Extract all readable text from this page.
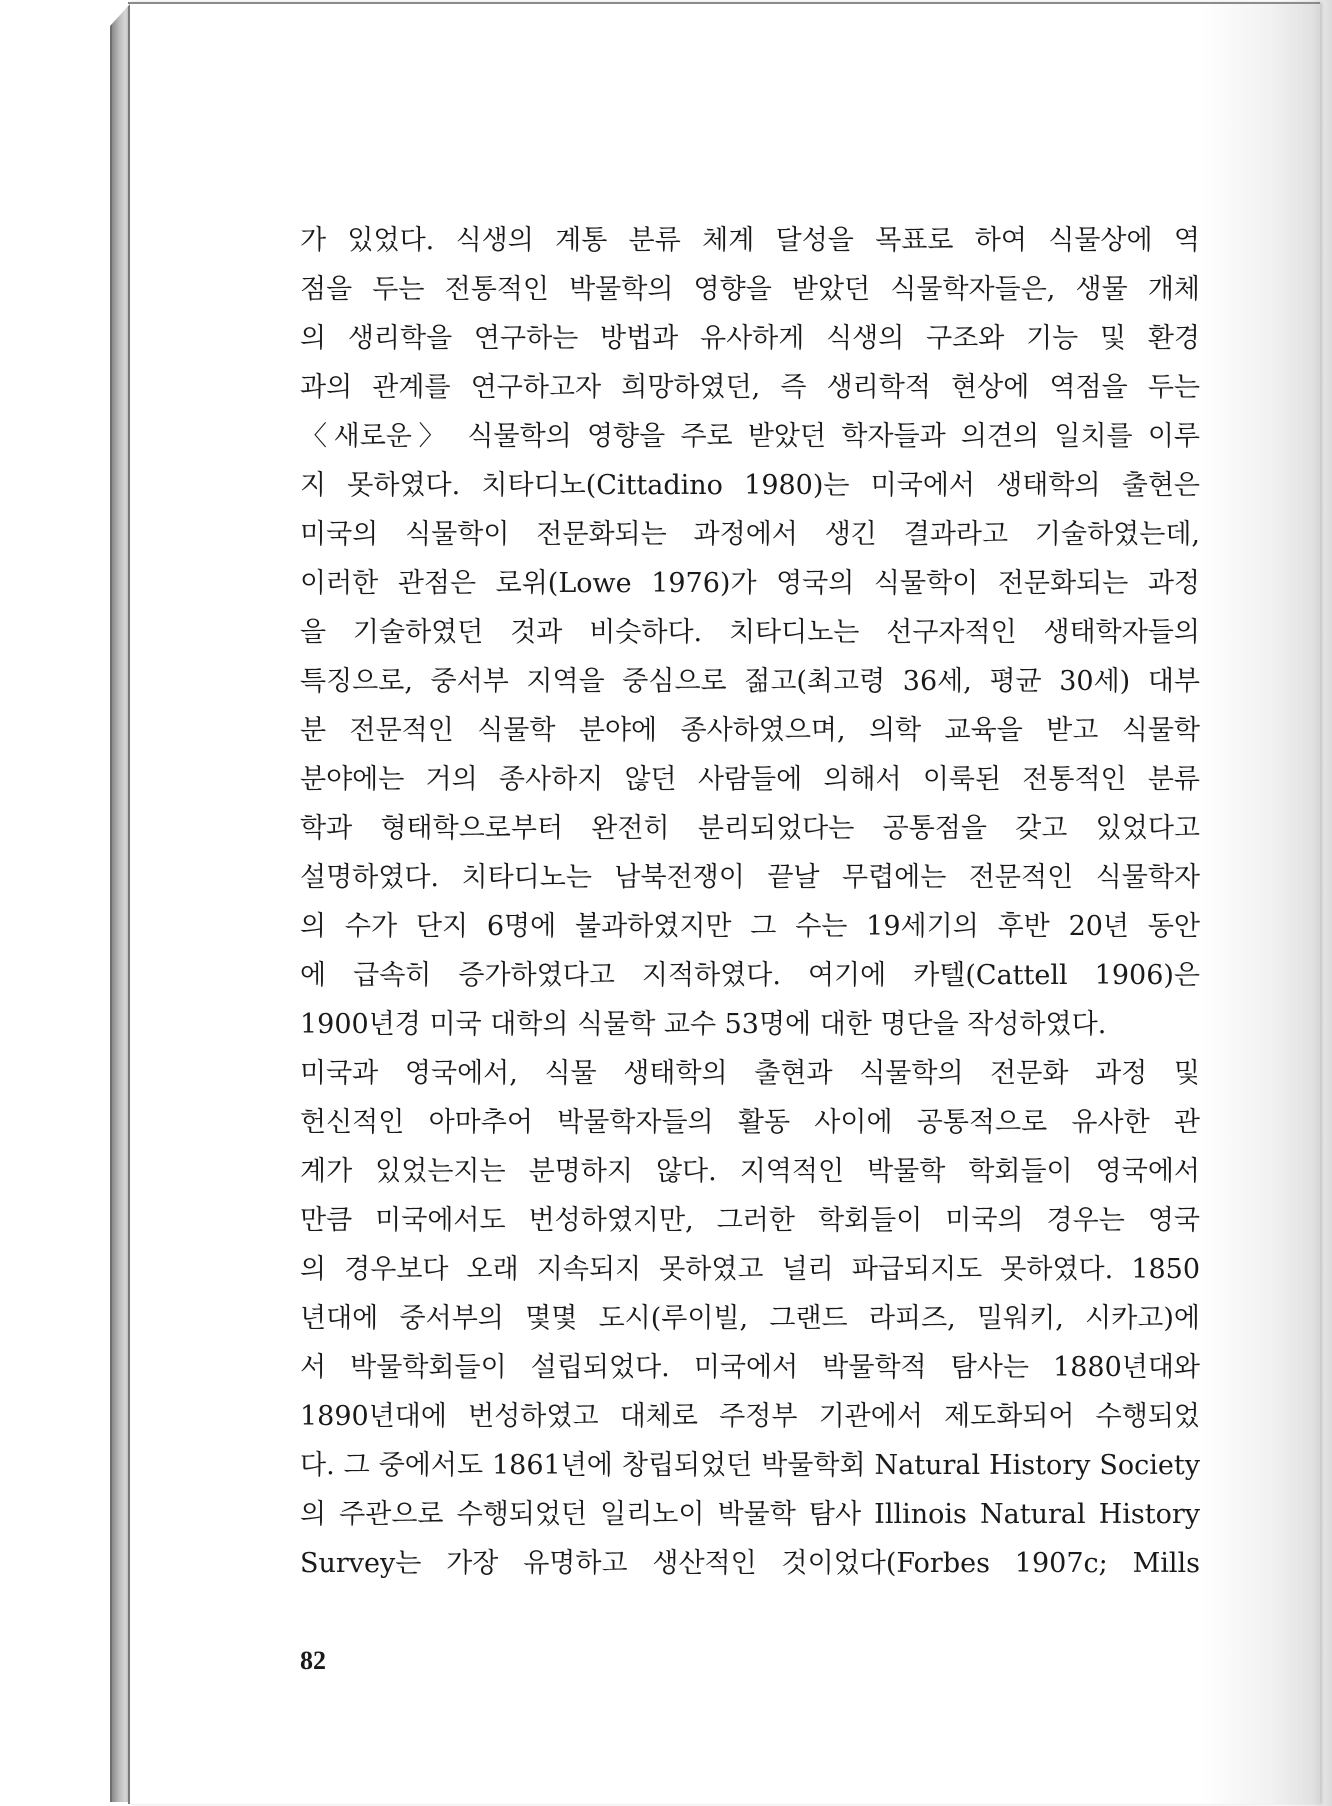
가 있었다. 식생의 계통 분류 체계 달성을 목표로 하여 식물상에 역
점을 두는 전통적인 박물학의 영향을 받았던 식물학자들은, 생물 개체
의 생리학을 연구하는 방법과 유사하게 식생의 구조와 기능 및 환경
과의 관계를 연구하고자 희망하였던, 즉 생리학적 현상에 역점을 두는
〈새로운〉 식물학의 영향을 주로 받았던 학자들과 의견의 일치를 이루
지 못하였다. 치타디노(Cittadino 1980)는 미국에서 생태학의 출현은
미국의 식물학이 전문화되는 과정에서 생긴 결과라고 기술하였는데,
이러한 관점은 로위(Lowe 1976)가 영국의 식물학이 전문화되는 과정
을 기술하였던 것과 비슷하다. 치타디노는 선구자적인 생태학자들의
특징으로, 중서부 지역을 중심으로 젊고(최고령 36세, 평균 30세) 대부
분 전문적인 식물학 분야에 종사하였으며, 의학 교육을 받고 식물학
분야에는 거의 종사하지 않던 사람들에 의해서 이룩된 전통적인 분류
학과 형태학으로부터 완전히 분리되었다는 공통점을 갖고 있었다고
설명하였다. 치타디노는 남북전쟁이 끝날 무렵에는 전문적인 식물학자
의 수가 단지 6명에 불과하였지만 그 수는 19세기의 후반 20년 동안
에 급속히 증가하였다고 지적하였다. 여기에 카텔(Cattell 1906)은
1900년경 미국 대학의 식물학 교수 53명에 대한 명단을 작성하였다.
미국과 영국에서, 식물 생태학의 출현과 식물학의 전문화 과정 및
헌신적인 아마추어 박물학자들의 활동 사이에 공통적으로 유사한 관
계가 있었는지는 분명하지 않다. 지역적인 박물학 학회들이 영국에서
만큼 미국에서도 번성하였지만, 그러한 학회들이 미국의 경우는 영국
의 경우보다 오래 지속되지 못하였고 널리 파급되지도 못하였다. 1850
년대에 중서부의 몇몇 도시(루이빌, 그랜드 라피즈, 밀워키, 시카고)에
서 박물학회들이 설립되었다. 미국에서 박물학적 탐사는 1880년대와
1890년대에 번성하였고 대체로 주정부 기관에서 제도화되어 수행되었
다. 그 중에서도 1861년에 창립되었던 박물학회 Natural History Society
의 주관으로 수행되었던 일리노이 박물학 탐사 Illinois Natural History
Survey는 가장 유명하고 생산적인 것이었다(Forbes 1907c; Mills
82
